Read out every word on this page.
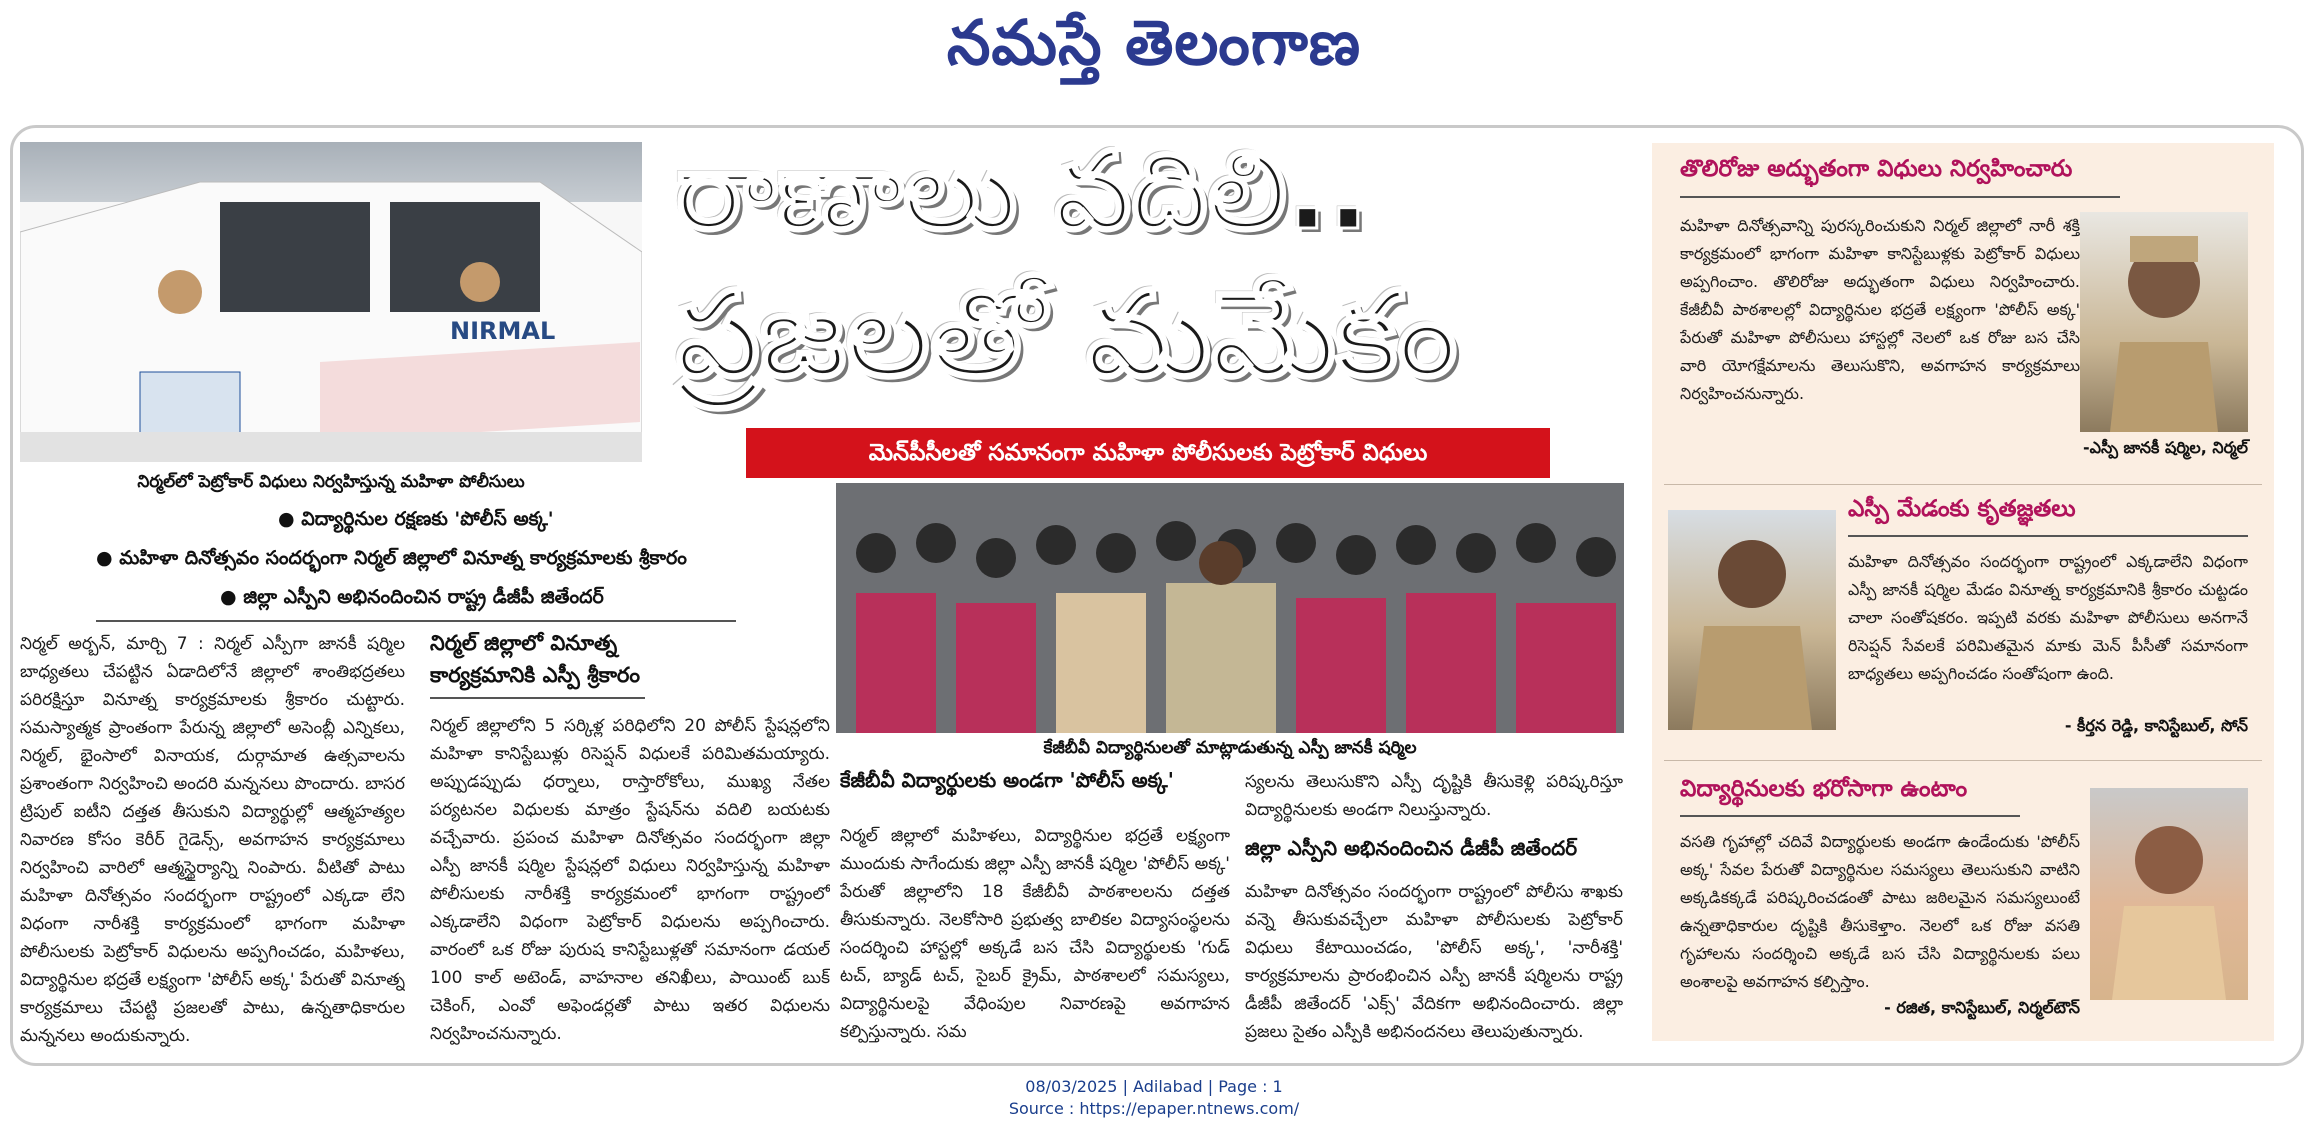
నమస్తే తెలంగాణ
NIRMAL
నిర్మల్‌లో పెట్రోకార్ విధులు నిర్వహిస్తున్న మహిళా పోలీసులు
రాణాలు వదిలి..
ప్రజలతో మమేకం
మెన్‌పీసీలతో సమానంగా మహిళా పోలీసులకు పెట్రోకార్ విధులు
● విద్యార్థినుల రక్షణకు 'పోలీస్ అక్క'
● మహిళా దినోత్సవం సందర్భంగా నిర్మల్ జిల్లాలో వినూత్న కార్యక్రమాలకు శ్రీకారం
● జిల్లా ఎస్పీని అభినందించిన రాష్ట్ర డీజీపీ జితేందర్
నిర్మల్ అర్బన్, మార్చి 7 : నిర్మల్ ఎస్పీగా జానకీ షర్మిల బాధ్యతలు చేపట్టిన ఏడాదిలోనే జిల్లాలో శాంతిభద్రతలు పరిరక్షిస్తూ వినూత్న కార్యక్రమాలకు శ్రీకారం చుట్టారు. సమస్యాత్మక ప్రాంతంగా పేరున్న జిల్లాలో అసెంబ్లీ ఎన్నికలు, నిర్మల్, భైంసాలో వినాయక, దుర్గామాత ఉత్సవాలను ప్రశాంతంగా నిర్వహించి అందరి మన్ననలు పొందారు. బాసర ట్రిపుల్ ఐటీని దత్తత తీసుకుని విద్యార్థుల్లో ఆత్మహత్యల నివారణ కోసం కెరీర్ గైడెన్స్, అవగాహన కార్యక్రమాలు నిర్వహించి వారిలో ఆత్మస్థైర్యాన్ని నింపారు. వీటితో పాటు మహిళా దినోత్సవం సందర్భంగా రాష్ట్రంలో ఎక్కడా లేని విధంగా నారీశక్తి కార్యక్రమంలో భాగంగా మహిళా పోలీసులకు పెట్రోకార్ విధులను అప్పగించడం, మహిళలు, విద్యార్థినుల భద్రతే లక్ష్యంగా 'పోలీస్ అక్క' పేరుతో వినూత్న కార్యక్రమాలు చేపట్టి ప్రజలతో పాటు, ఉన్నతాధికారుల మన్ననలు అందుకున్నారు.
నిర్మల్ జిల్లాలో వినూత్న కార్యక్రమానికి ఎస్పీ శ్రీకారం
నిర్మల్ జిల్లాలోని 5 సర్కిళ్ల పరిధిలోని 20 పోలీస్ స్టేషన్లలోని మహిళా కానిస్టేబుళ్లు రిసెప్షన్ విధులకే పరిమితమయ్యారు. అప్పుడప్పుడు ధర్నాలు, రాస్తారోకోలు, ముఖ్య నేతల పర్యటనల విధులకు మాత్రం స్టేషన్‌ను వదిలి బయటకు వచ్చేవారు. ప్రపంచ మహిళా దినోత్సవం సందర్భంగా జిల్లా ఎస్పీ జానకీ షర్మిల స్టేషన్లలో విధులు నిర్వహిస్తున్న మహిళా పోలీసులకు నారీశక్తి కార్యక్రమంలో భాగంగా రాష్ట్రంలో ఎక్కడాలేని విధంగా పెట్రోకార్ విధులను అప్పగించారు. వారంలో ఒక రోజు పురుష కానిస్టేబుళ్లతో సమానంగా డయల్ 100 కాల్ అటెండ్, వాహనాల తనిఖీలు, పాయింట్ బుక్ చెకింగ్, ఎంవో అఫెండర్లతో పాటు ఇతర విధులను నిర్వహించనున్నారు.
కేజీబీవీ విద్యార్థినులతో మాట్లాడుతున్న ఎస్పీ జానకీ షర్మిల
కేజీబీవీ విద్యార్థులకు అండగా 'పోలీస్ అక్క'
నిర్మల్ జిల్లాలో మహిళలు, విద్యార్థినుల భద్రతే లక్ష్యంగా ముందుకు సాగేందుకు జిల్లా ఎస్పీ జానకీ షర్మిల 'పోలీస్ అక్క' పేరుతో జిల్లాలోని 18 కేజీబీవీ పాఠశాలలను దత్తత తీసుకున్నారు. నెలకోసారి ప్రభుత్వ బాలికల విద్యాసంస్థలను సందర్శించి హాస్టల్లో అక్కడే బస చేసి విద్యార్థులకు 'గుడ్ టచ్, బ్యాడ్ టచ్, సైబర్ క్రైమ్, పాఠశాలలో సమస్యలు, విద్యార్థినులపై వేధింపుల నివారణపై అవగాహన కల్పిస్తున్నారు. సమ
స్యలను తెలుసుకొని ఎస్పీ దృష్టికి తీసుకెళ్లి పరిష్కరిస్తూ విద్యార్థినులకు అండగా నిలుస్తున్నారు.
జిల్లా ఎస్పీని అభినందించిన డీజీపీ జితేందర్
మహిళా దినోత్సవం సందర్భంగా రాష్ట్రంలో పోలీసు శాఖకు వన్నె తీసుకువచ్చేలా మహిళా పోలీసులకు పెట్రోకార్ విధులు కేటాయించడం, 'పోలీస్ అక్క', 'నారీశక్తి' కార్యక్రమాలను ప్రారంభించిన ఎస్పీ జానకీ షర్మిలను రాష్ట్ర డీజీపీ జితేందర్ 'ఎక్స్' వేదికగా అభినందించారు. జిల్లా ప్రజలు సైతం ఎస్పీకి అభినందనలు తెలుపుతున్నారు.
తొలిరోజు అద్భుతంగా విధులు నిర్వహించారు
మహిళా దినోత్సవాన్ని పురస్కరించుకుని నిర్మల్ జిల్లాలో నారీ శక్తి కార్యక్రమంలో భాగంగా మహిళా కానిస్టేబుళ్లకు పెట్రోకార్ విధులు అప్పగించాం. తొలిరోజు అద్భుతంగా విధులు నిర్వహించారు. కేజీబీవీ పాఠశాలల్లో విద్యార్థినుల భద్రతే లక్ష్యంగా 'పోలీస్ అక్క' పేరుతో మహిళా పోలీసులు హాస్టల్లో నెలలో ఒక రోజు బస చేసి వారి యోగక్షేమాలను తెలుసుకొని, అవగాహన కార్యక్రమాలు నిర్వహించనున్నారు.
-ఎస్పీ జానకీ షర్మిల, నిర్మల్
ఎస్పీ మేడంకు కృతజ్ఞతలు
మహిళా దినోత్సవం సందర్భంగా రాష్ట్రంలో ఎక్కడాలేని విధంగా ఎస్పీ జానకీ షర్మిల మేడం వినూత్న కార్యక్రమానికి శ్రీకారం చుట్టడం చాలా సంతోషకరం. ఇప్పటి వరకు మహిళా పోలీసులు అనగానే రిసెప్షన్ సేవలకే పరిమితమైన మాకు మెన్ పీసీతో సమానంగా బాధ్యతలు అప్పగించడం సంతోషంగా ఉంది.
- కీర్తన రెడ్డి, కానిస్టేబుల్, సోన్
విద్యార్థినులకు భరోసాగా ఉంటాం
వసతి గృహాల్లో చదివే విద్యార్థులకు అండగా ఉండేందుకు 'పోలీస్ అక్క' సేవల పేరుతో విద్యార్థినుల సమస్యలు తెలుసుకుని వాటిని అక్కడికక్కడే పరిష్కరించడంతో పాటు జఠిలమైన సమస్యలుంటే ఉన్నతాధికారుల దృష్టికి తీసుకెళ్తాం. నెలలో ఒక రోజు వసతి గృహాలను సందర్శించి అక్కడే బస చేసి విద్యార్థినులకు పలు అంశాలపై అవగాహన కల్పిస్తాం.
- రజిత, కానిస్టేబుల్, నిర్మల్‌టౌన్
08/03/2025 | Adilabad | Page : 1
Source : https://epaper.ntnews.com/
